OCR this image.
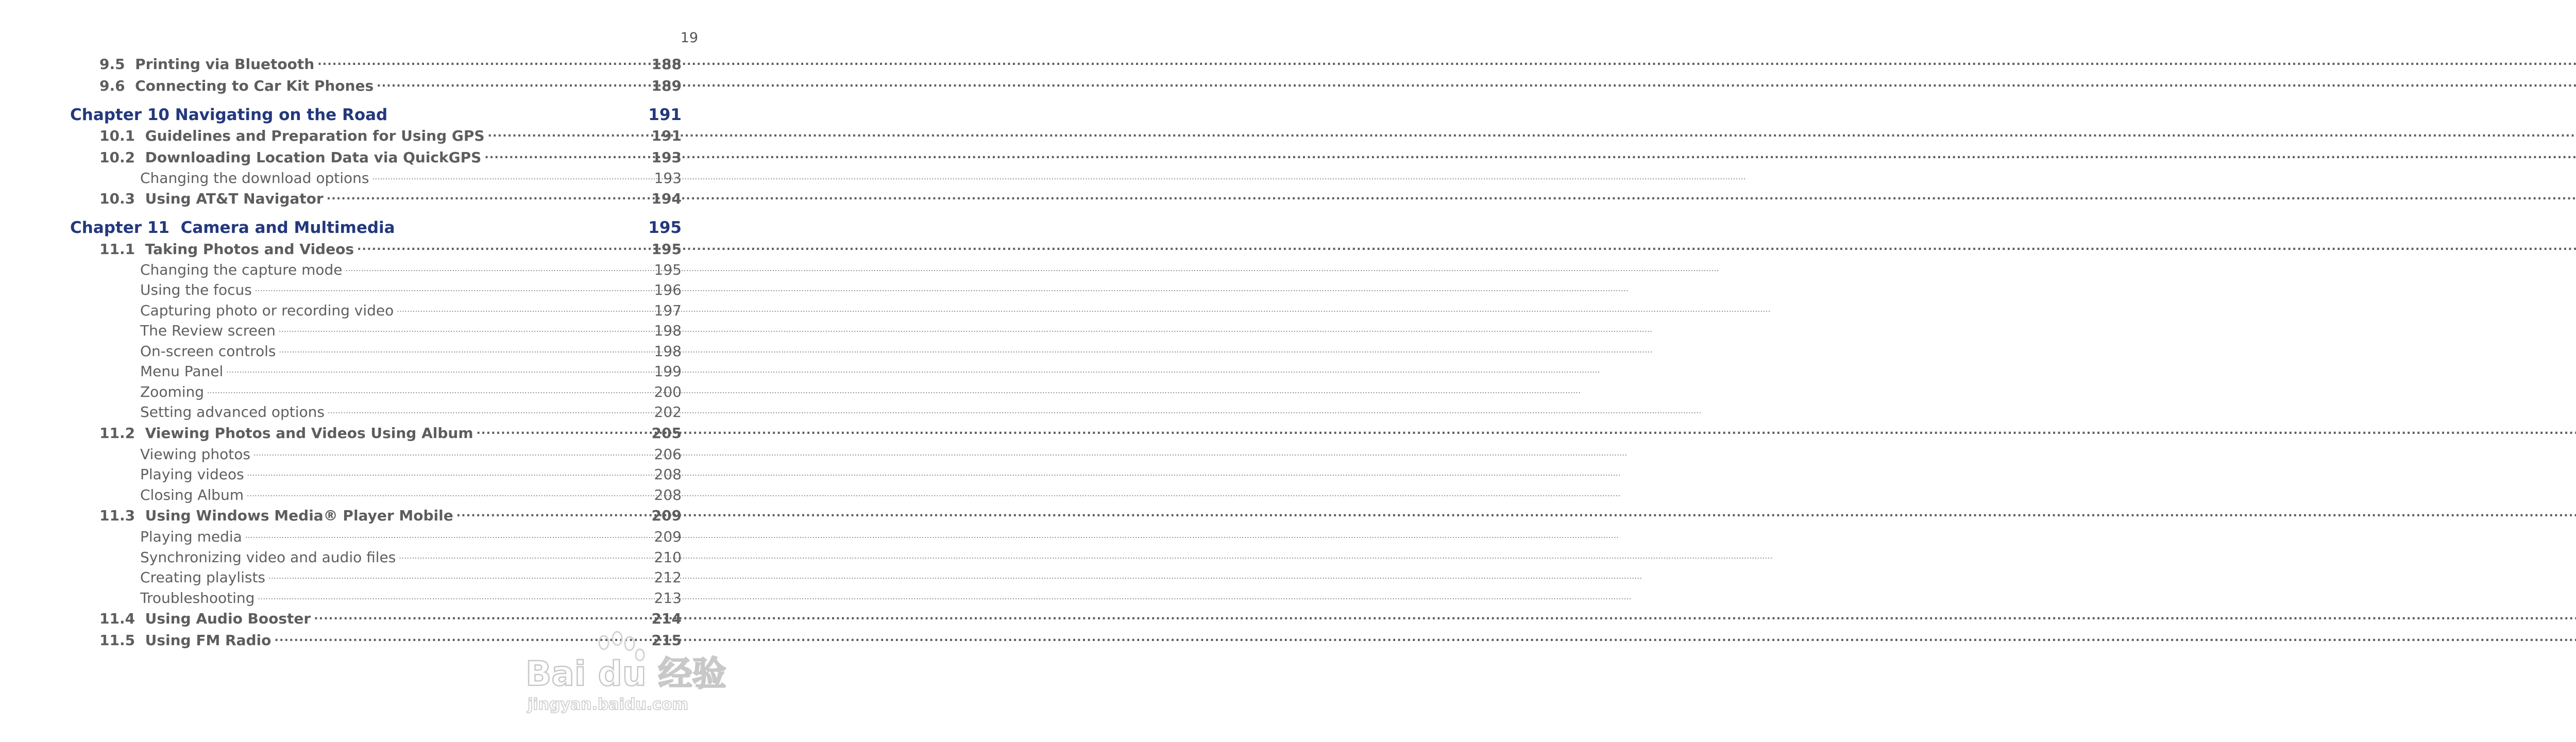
19
9.5 Printing via Bluetooth .....	188
9.6 Connecting to Car Kit Phones .....	189
Chapter 10 Navigating on the Road	191
10.1 Guidelines and Preparation for Using GPS .....	191
10.2 Downloading Location Data via QuickGPS .....	193
Changing the download options .....	193
10.3 Using AT&T Navigator .....	194
Chapter 11  Camera and Multimedia	195
11.1 Taking Photos and Videos .....	195
Changing the capture mode .....	195
Using the focus .....	196
Capturing photo or recording video .....	197
The Review screen .....	198
On-screen controls .....	198
Menu Panel .....	199
Zooming .....	200
Setting advanced options .....	202
11.2 Viewing Photos and Videos Using Album .....	205
Viewing photos .....	206
Playing videos .....	208
Closing Album .....	208
11.3 Using Windows Media® Player Mobile .....	209
Playing media .....	209
Synchronizing video and audio files .....	210
Creating playlists .....	212
Troubleshooting .....	213
11.4 Using Audio Booster .....	214
11.5 Using FM Radio .....	215
Bai du 经验
jingyan.baidu.com
